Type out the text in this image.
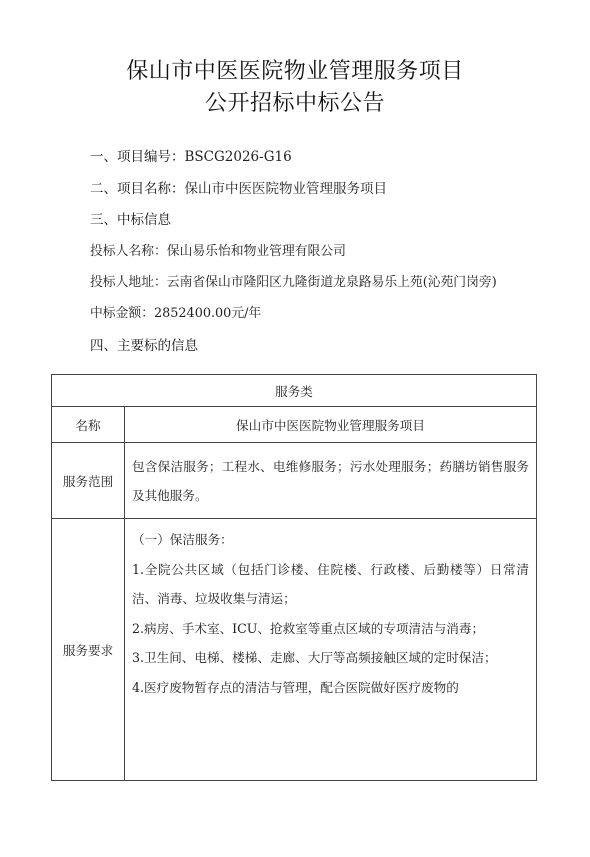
保山市中医医院物业管理服务项目
公开招标中标公告
一、项目编号：BSCG2026-G16
二、项目名称：保山市中医医院物业管理服务项目
三、中标信息
投标人名称：保山易乐怡和物业管理有限公司
投标人地址：云南省保山市隆阳区九隆街道龙泉路易乐上苑(沁苑门岗旁)
中标金额：2852400.00元/年
四、主要标的信息
服务类	
名称	保山市中医医院物业管理服务项目
服务范围	包含保洁服务；工程水、电维修服务；污水处理服务；药膳坊销售服务及其他服务。

服务要求	（一）保洁服务：
1.全院公共区域（包括门诊楼、住院楼、行政楼、后勤楼等）日常清洁、消毒、垃圾收集与清运；
2.病房、手术室、ICU、抢救室等重点区域的专项清洁与消毒；
3.卫生间、电梯、楼梯、走廊、大厅等高频接触区域的定时保洁；
4.医疗废物暂存点的清洁与管理，配合医院做好医疗废物的
